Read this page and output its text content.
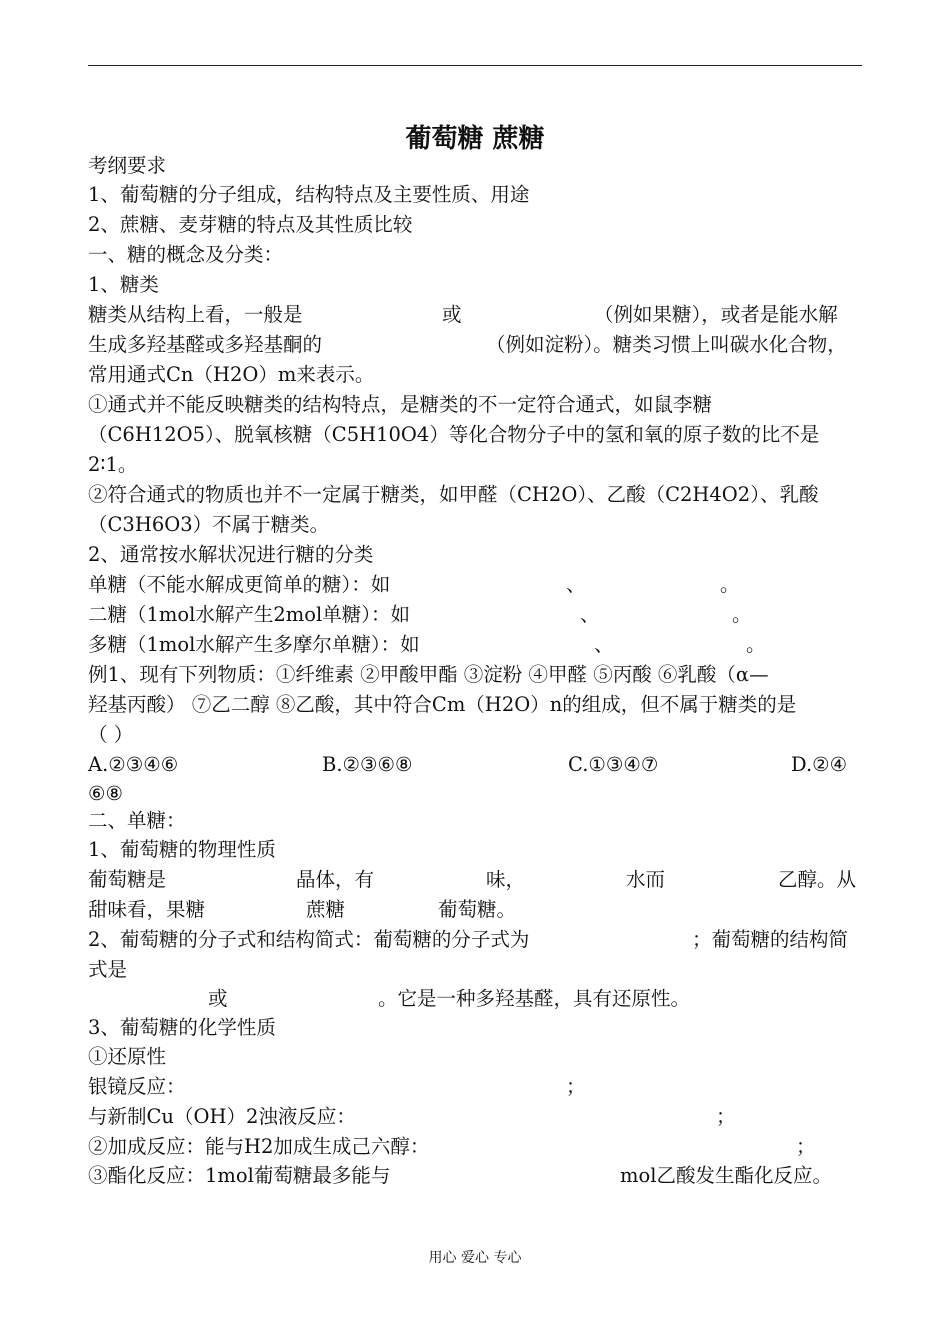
葡萄糖 蔗糖
考纲要求
1、葡萄糖的分子组成，结构特点及主要性质、用途
2、蔗糖、麦芽糖的特点及其性质比较
一、糖的概念及分类：
1、糖类
糖类从结构上看，一般是	或	（例如果糖），或者是能水解
生成多羟基醛或多羟基酮的	（例如淀粉）。糖类习惯上叫碳水化合物，
常用通式Cn（H2O）m来表示。
①通式并不能反映糖类的结构特点，是糖类的不一定符合通式，如鼠李糖
（C6H12O5）、脱氧核糖（C5H10O4）等化合物分子中的氢和氧的原子数的比不是
2∶1。
②符合通式的物质也并不一定属于糖类，如甲醛（CH2O）、乙酸（C2H4O2）、乳酸
（C3H6O3）不属于糖类。
2、通常按水解状况进行糖的分类
单糖（不能水解成更简单的糖）：如	、	。
二糖（1mol水解产生2mol单糖）：如	、	。
多糖（1mol水解产生多摩尔单糖）：如	、	。
例1、现有下列物质：①纤维素 ②甲酸甲酯 ③淀粉 ④甲醛 ⑤丙酸 ⑥乳酸（α—
羟基丙酸） ⑦乙二醇 ⑧乙酸，其中符合Cm（H2O）n的组成，但不属于糖类的是
（ ）
A.②③④⑥	B.②③⑥⑧	C.①③④⑦	D.②④
⑥⑧
二、单糖：
1、葡萄糖的物理性质
葡萄糖是	晶体，有	味，	水而	乙醇。从
甜味看，果糖	蔗糖	葡萄糖。
2、葡萄糖的分子式和结构简式：葡萄糖的分子式为	；葡萄糖的结构简
式是
或	。它是一种多羟基醛，具有还原性。
3、葡萄糖的化学性质
①还原性
银镜反应：	；
与新制Cu（OH）2浊液反应：	；
②加成反应：能与H2加成生成己六醇：	；
③酯化反应：1mol葡萄糖最多能与	mol乙酸发生酯化反应。
用心 爱心 专心
